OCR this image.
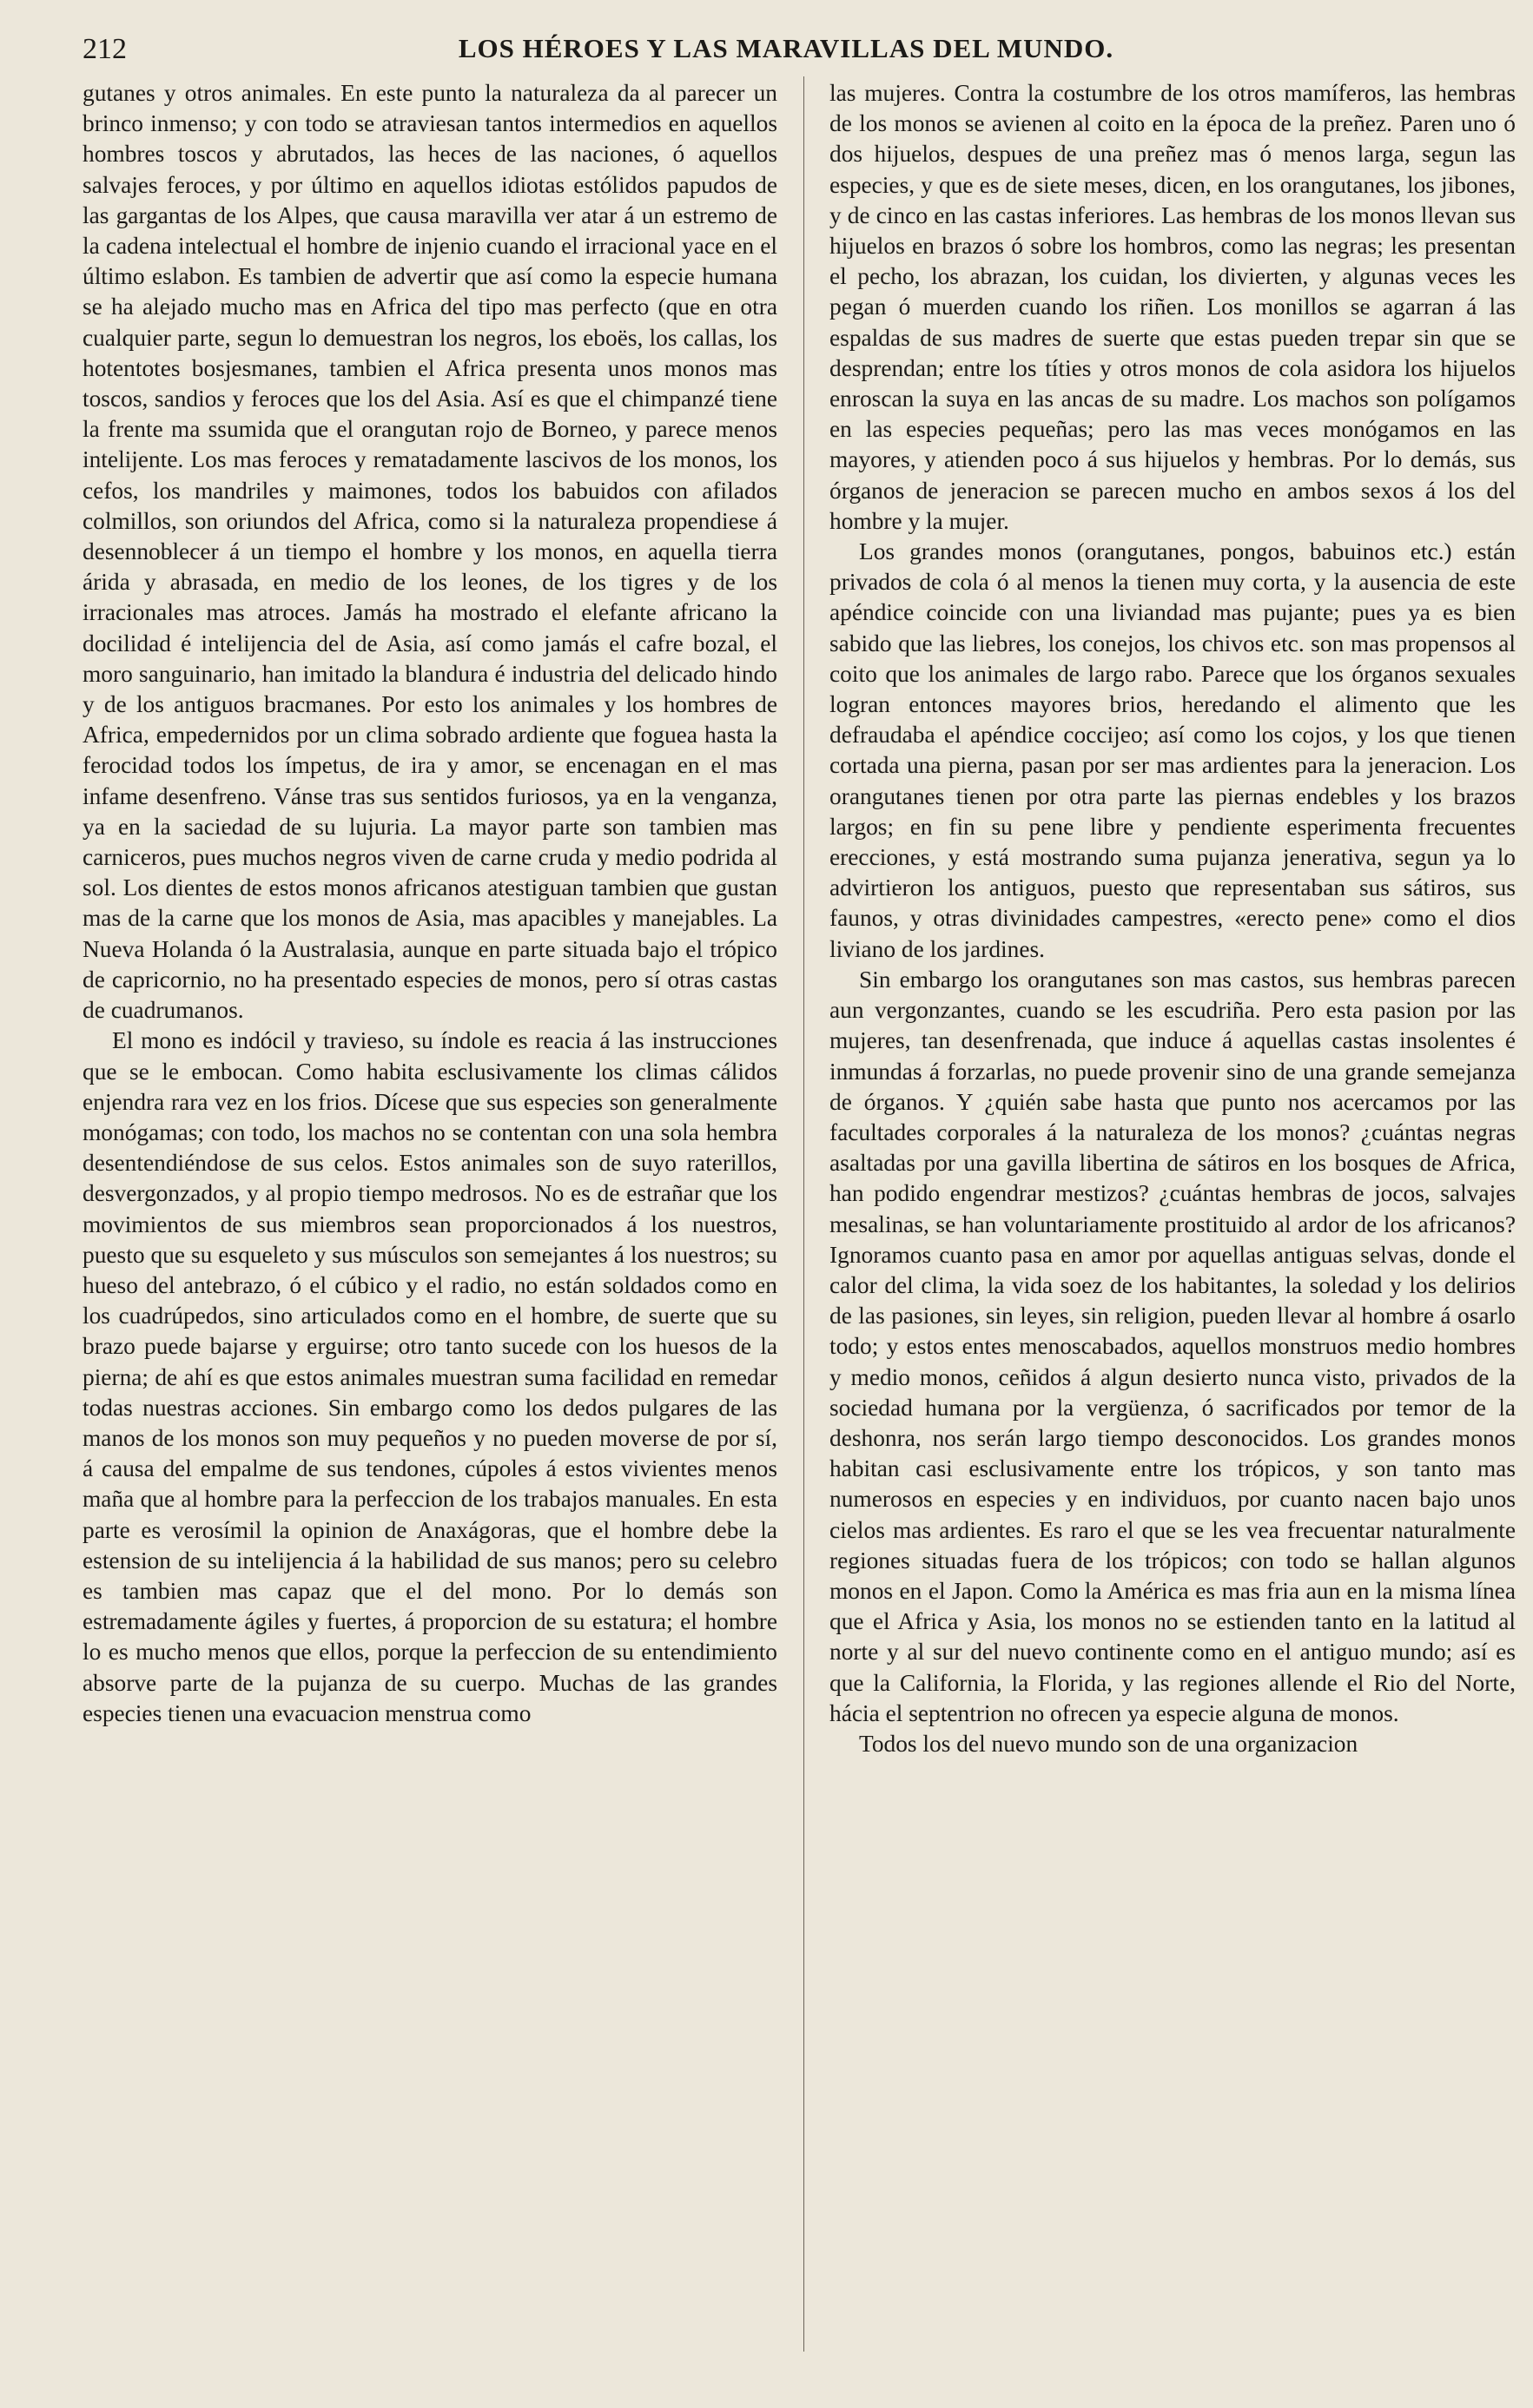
212	LOS HÉROES Y LAS MARAVILLAS DEL MUNDO.

gutanes y otros animales. En este punto la naturaleza da al parecer un brinco inmenso; y con todo se atraviesan tantos intermedios en aquellos hombres toscos y abrutados, las heces de las naciones, ó aquellos salvajes feroces, y por último en aquellos idiotas estólidos papudos de las gargantas de los Alpes, que causa maravilla ver atar á un estremo de la cadena intelectual el hombre de injenio cuando el irracional yace en el último eslabon. Es tambien de advertir que así como la especie humana se ha alejado mucho mas en Africa del tipo mas perfecto (que en otra cualquier parte, segun lo demuestran los negros, los eboës, los callas, los hotentotes bosjesmanes, tambien el Africa presenta unos monos mas toscos, sandios y feroces que los del Asia. Así es que el chimpanzé tiene la frente ma ssumida que el orangutan rojo de Borneo, y parece menos intelijente. Los mas feroces y rematadamente lascivos de los monos, los cefos, los mandriles y maimones, todos los babuidos con afilados colmillos, son oriundos del Africa, como si la naturaleza propendiese á desennoblecer á un tiempo el hombre y los monos, en aquella tierra árida y abrasada, en medio de los leones, de los tigres y de los irracionales mas atroces. Jamás ha mostrado el elefante africano la docilidad é intelijencia del de Asia, así como jamás el cafre bozal, el moro sanguinario, han imitado la blandura é industria del delicado hindo y de los antiguos bracmanes. Por esto los animales y los hombres de Africa, empedernidos por un clima sobrado ardiente que foguea hasta la ferocidad todos los ímpetus, de ira y amor, se encenagan en el mas infame desenfreno. Vánse tras sus sentidos furiosos, ya en la venganza, ya en la saciedad de su lujuria. La mayor parte son tambien mas carniceros, pues muchos negros viven de carne cruda y medio podrida al sol. Los dientes de estos monos africanos atestiguan tambien que gustan mas de la carne que los monos de Asia, mas apacibles y manejables. La Nueva Holanda ó la Australasia, aunque en parte situada bajo el trópico de capricornio, no ha presentado especies de monos, pero sí otras castas de cuadrumanos.

El mono es indócil y travieso, su índole es reacia á las instrucciones que se le embocan. Como habita esclusivamente los climas cálidos enjendra rara vez en los frios. Dícese que sus especies son generalmente monógamas; con todo, los machos no se contentan con una sola hembra desentendiéndose de sus celos. Estos animales son de suyo raterillos, desvergonzados, y al propio tiempo medrosos. No es de estrañar que los movimientos de sus miembros sean proporcionados á los nuestros, puesto que su esqueleto y sus músculos son semejantes á los nuestros; su hueso del antebrazo, ó el cúbico y el radio, no están soldados como en los cuadrúpedos, sino articulados como en el hombre, de suerte que su brazo puede bajarse y erguirse; otro tanto sucede con los huesos de la pierna; de ahí es que estos animales muestran suma facilidad en remedar todas nuestras acciones. Sin embargo como los dedos pulgares de las manos de los monos son muy pequeños y no pueden moverse de por sí, á causa del empalme de sus tendones, cúpoles á estos vivientes menos maña que al hombre para la perfeccion de los trabajos manuales. En esta parte es verosímil la opinion de Anaxágoras, que el hombre debe la estension de su intelijencia á la habilidad de sus manos; pero su celebro es tambien mas capaz que el del mono. Por lo demás son estremadamente ágiles y fuertes, á proporcion de su estatura; el hombre lo es mucho menos que ellos, porque la perfeccion de su entendimiento absorve parte de la pujanza de su cuerpo. Muchas de las grandes especies tienen una evacuacion menstrua como

las mujeres. Contra la costumbre de los otros mamíferos, las hembras de los monos se avienen al coito en la época de la preñez. Paren uno ó dos hijuelos, despues de una preñez mas ó menos larga, segun las especies, y que es de siete meses, dicen, en los orangutanes, los jibones, y de cinco en las castas inferiores. Las hembras de los monos llevan sus hijuelos en brazos ó sobre los hombros, como las negras; les presentan el pecho, los abrazan, los cuidan, los divierten, y algunas veces les pegan ó muerden cuando los riñen. Los monillos se agarran á las espaldas de sus madres de suerte que estas pueden trepar sin que se desprendan; entre los títies y otros monos de cola asidora los hijuelos enroscan la suya en las ancas de su madre. Los machos son polígamos en las especies pequeñas; pero las mas veces monógamos en las mayores, y atienden poco á sus hijuelos y hembras. Por lo demás, sus órganos de jeneracion se parecen mucho en ambos sexos á los del hombre y la mujer.

Los grandes monos (orangutanes, pongos, babuinos etc.) están privados de cola ó al menos la tienen muy corta, y la ausencia de este apéndice coincide con una liviandad mas pujante; pues ya es bien sabido que las liebres, los conejos, los chivos etc. son mas propensos al coito que los animales de largo rabo. Parece que los órganos sexuales logran entonces mayores brios, heredando el alimento que les defraudaba el apéndice coccijeo; así como los cojos, y los que tienen cortada una pierna, pasan por ser mas ardientes para la jeneracion. Los orangutanes tienen por otra parte las piernas endebles y los brazos largos; en fin su pene libre y pendiente esperimenta frecuentes erecciones, y está mostrando suma pujanza jenerativa, segun ya lo advirtieron los antiguos, puesto que representaban sus sátiros, sus faunos, y otras divinidades campestres, «erecto pene» como el dios liviano de los jardines.

Sin embargo los orangutanes son mas castos, sus hembras parecen aun vergonzantes, cuando se les escudriña. Pero esta pasion por las mujeres, tan desenfrenada, que induce á aquellas castas insolentes é inmundas á forzarlas, no puede provenir sino de una grande semejanza de órganos. Y ¿quién sabe hasta que punto nos acercamos por las facultades corporales á la naturaleza de los monos? ¿cuántas negras asaltadas por una gavilla libertina de sátiros en los bosques de Africa, han podido engendrar mestizos? ¿cuántas hembras de jocos, salvajes mesalinas, se han voluntariamente prostituido al ardor de los africanos? Ignoramos cuanto pasa en amor por aquellas antiguas selvas, donde el calor del clima, la vida soez de los habitantes, la soledad y los delirios de las pasiones, sin leyes, sin religion, pueden llevar al hombre á osarlo todo; y estos entes menoscabados, aquellos monstruos medio hombres y medio monos, ceñidos á algun desierto nunca visto, privados de la sociedad humana por la vergüenza, ó sacrificados por temor de la deshonra, nos serán largo tiempo desconocidos. Los grandes monos habitan casi esclusivamente entre los trópicos, y son tanto mas numerosos en especies y en individuos, por cuanto nacen bajo unos cielos mas ardientes. Es raro el que se les vea frecuentar naturalmente regiones situadas fuera de los trópicos; con todo se hallan algunos monos en el Japon. Como la América es mas fria aun en la misma línea que el Africa y Asia, los monos no se estienden tanto en la latitud al norte y al sur del nuevo continente como en el antiguo mundo; así es que la California, la Florida, y las regiones allende el Rio del Norte, hácia el septentrion no ofrecen ya especie alguna de monos.

Todos los del nuevo mundo son de una organizacion
